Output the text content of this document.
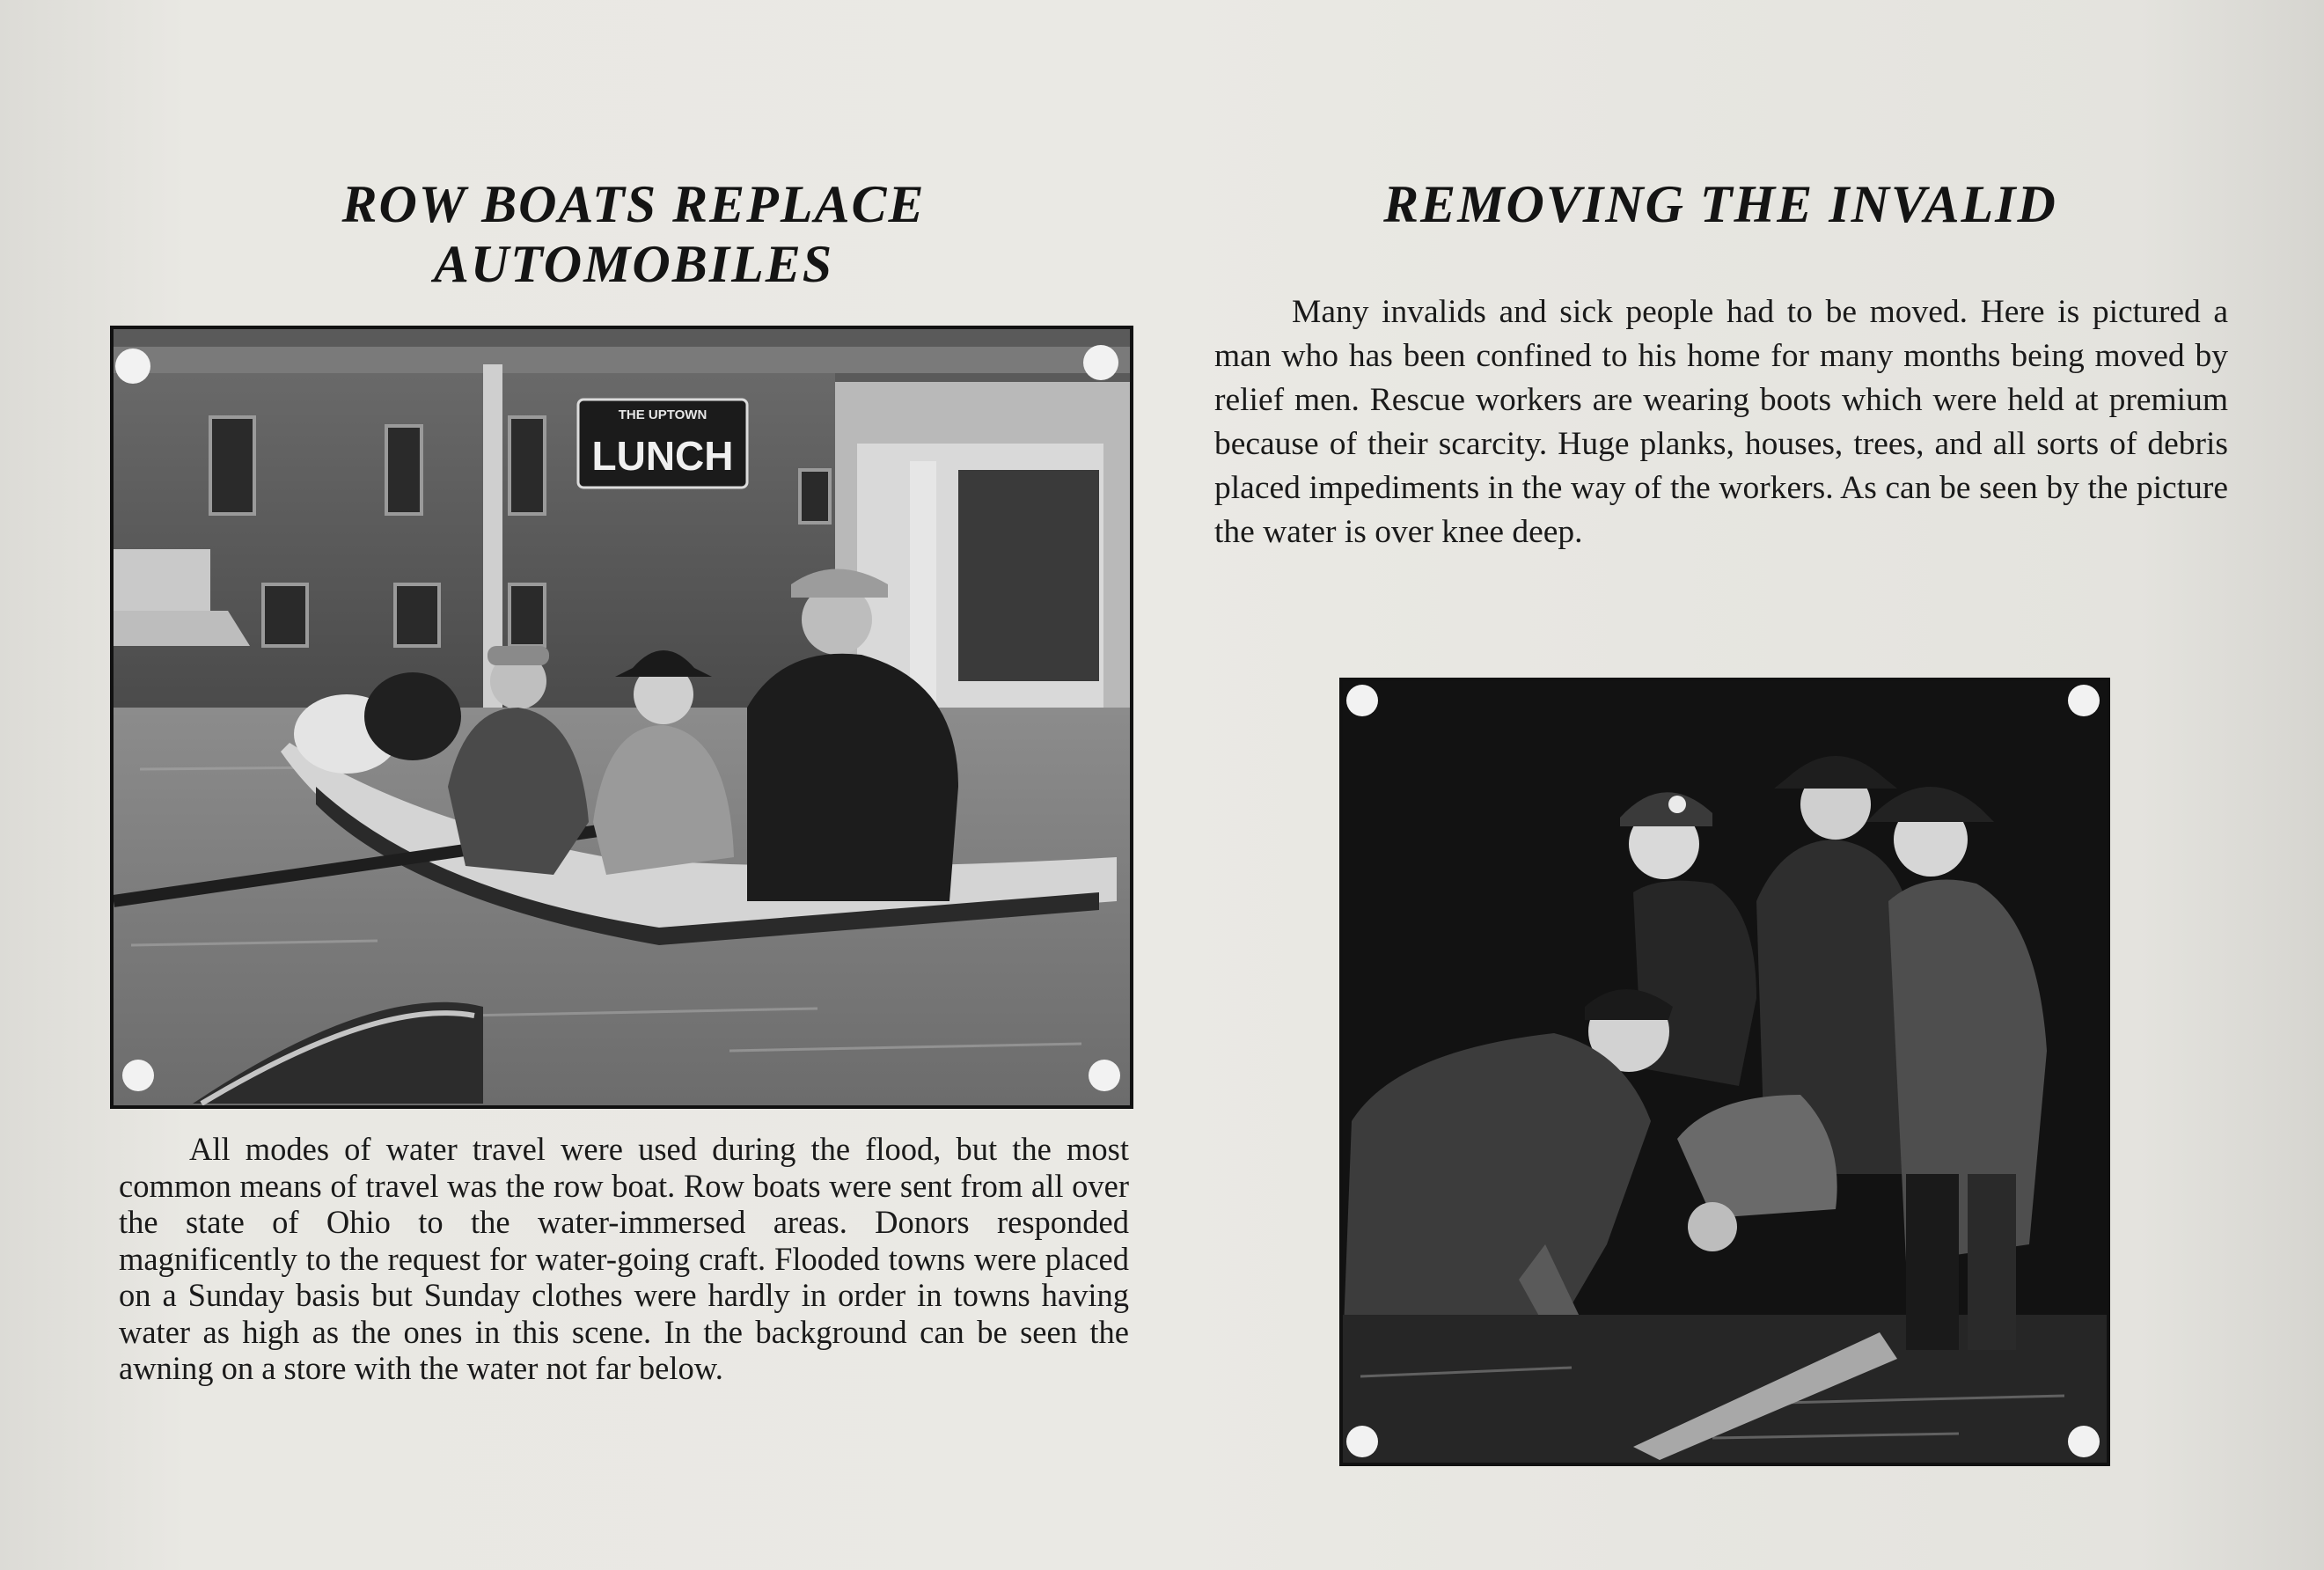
ROW BOATS REPLACE AUTOMOBILES
THE UPTOWN
LUNCH

All modes of water travel were used during the flood, but the most common means of travel was the row boat. Row boats were sent from all over the state of Ohio to the water-immersed areas. Donors responded magnificently to the request for water-going craft. Flooded towns were placed on a Sunday basis but Sunday clothes were hardly in order in towns having water as high as the ones in this scene. In the background can be seen the awning on a store with the water not far below.

REMOVING THE INVALID

Many invalids and sick people had to be moved. Here is pictured a man who has been confined to his home for many months being moved by relief men. Rescue workers are wearing boots which were held at premium because of their scarcity. Huge planks, houses, trees, and all sorts of debris placed impediments in the way of the workers. As can be seen by the picture the water is over knee deep.
